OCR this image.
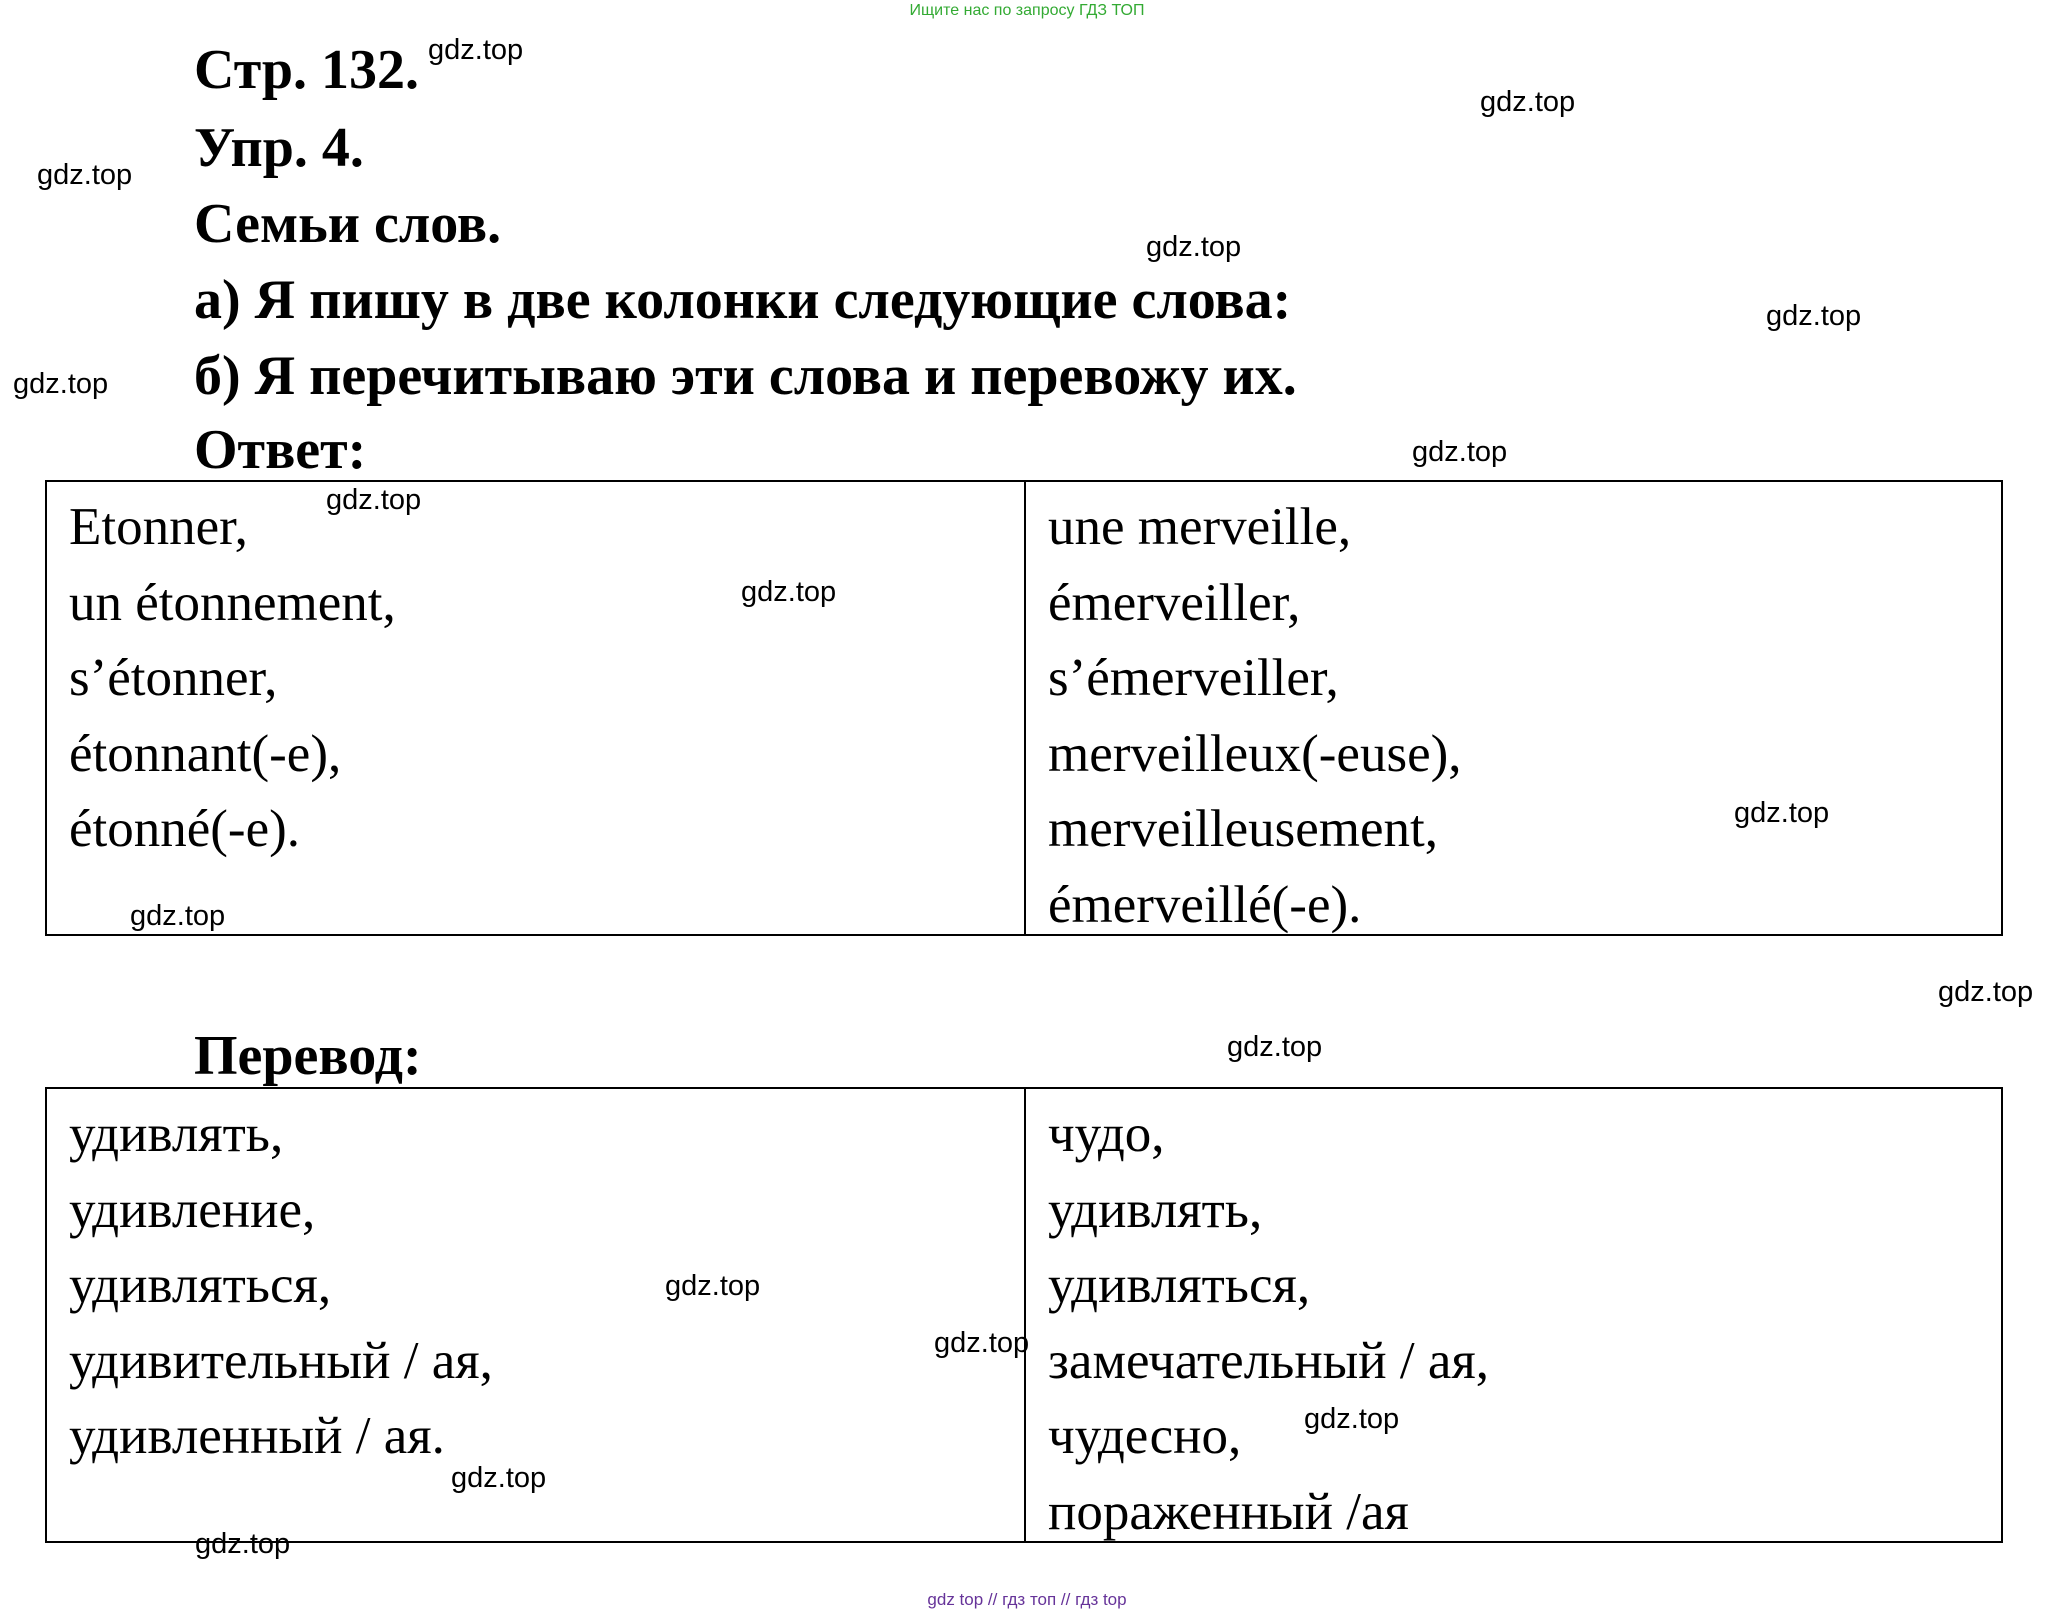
Ищите нас по запросу ГДЗ ТОП
Стр. 132.
Упр. 4.
Семьи слов.

а) Я пишу в две колонки следующие слова:

б) Я перечитываю эти слова и перевожу их.

Ответ:
Etonner,
un étonnement,
s’étonner,
étonnant(-e),
étonné(-e).
une merveille,
émerveiller,
s’émerveiller,
merveilleux(-euse),
merveilleusement,
émerveillé(-e).
Перевод:
удивлять,
удивление,
удивляться,
удивительный / ая,
удивленный / ая.
чудо,
удивлять,
удивляться,
замечательный / ая,
чудесно,
пораженный /ая
gdz.top
gdz.top
gdz.top
gdz.top
gdz.top
gdz.top
gdz.top
gdz.top
gdz.top
gdz.top
gdz.top
gdz.top
gdz.top
gdz.top
gdz.top
gdz.top
gdz.top
gdz.top
gdz top // гдз топ // гдз top
